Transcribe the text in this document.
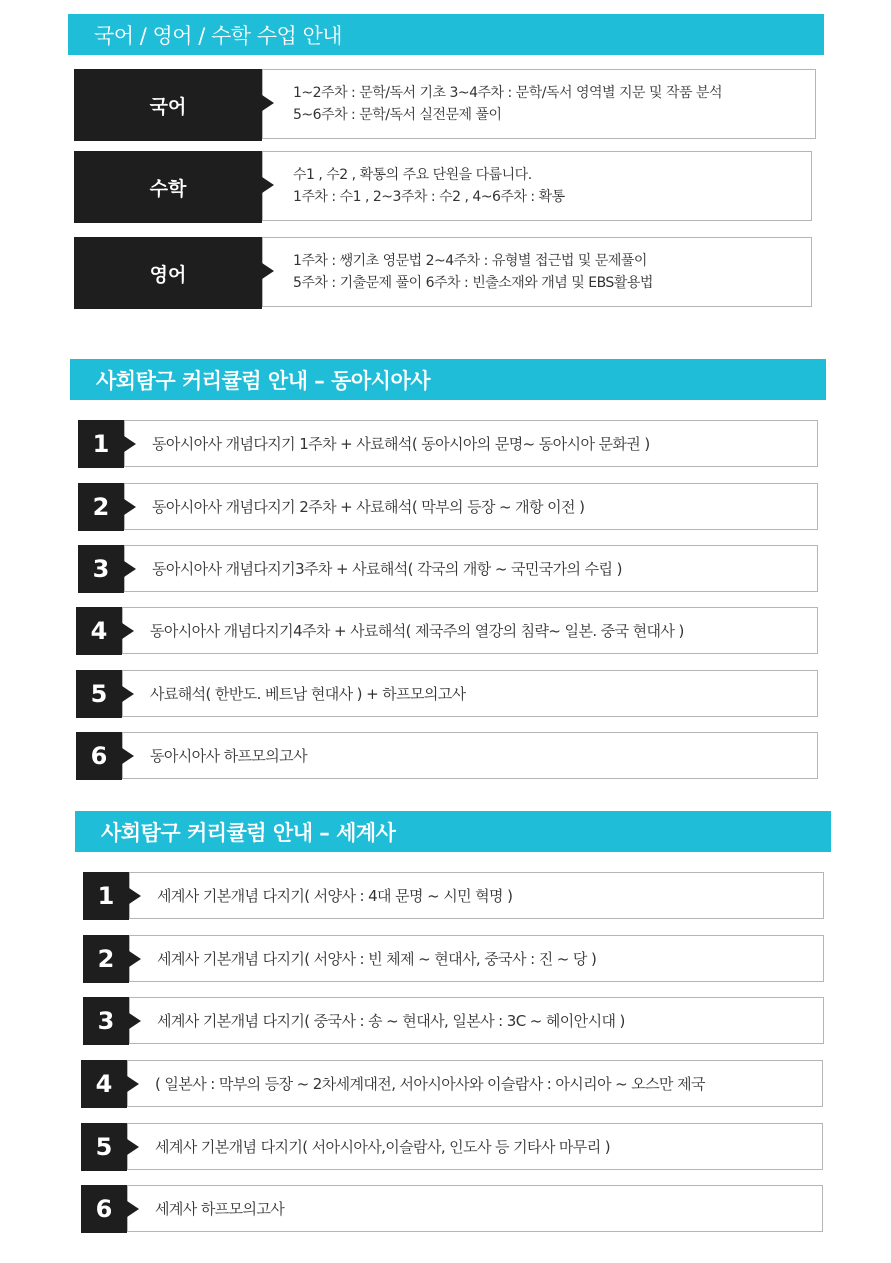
국어 / 영어 / 수학 수업 안내
국어
1~2주차 : 문학/독서 기초 3~4주차 : 문학/독서 영역별 지문 및 작품 분석
5~6주차 : 문학/독서 실전문제 풀이
수학
수1 , 수2 , 확통의 주요 단원을 다룹니다.
1주차 : 수1 , 2~3주차 : 수2 , 4~6주차 : 확통
영어
1주차 : 쌩기초 영문법 2~4주차 : 유형별 접근법 및 문제풀이
5주차 : 기출문제 풀이 6주차 : 빈출소재와 개념 및 EBS활용법
사회탐구 커리큘럼 안내 – 동아시아사
1	동아시아사 개념다지기 1주차 + 사료해석( 동아시아의 문명~ 동아시아 문화권 )
2	동아시아사 개념다지기 2주차 + 사료해석( 막부의 등장 ~ 개항 이전 )
3	동아시아사 개념다지기3주차 + 사료해석( 각국의 개항 ~ 국민국가의 수립 )
4	동아시아사 개념다지기4주차 + 사료해석( 제국주의 열강의 침략~ 일본. 중국 현대사 )
5	사료해석( 한반도. 베트남 현대사 ) + 하프모의고사
6	동아시아사 하프모의고사
사회탐구 커리큘럼 안내 – 세계사
1	세계사 기본개념 다지기( 서양사 : 4대 문명 ~ 시민 혁명 )
2	세계사 기본개념 다지기( 서양사 : 빈 체제 ~ 현대사, 중국사 : 진 ~ 당 )
3	세계사 기본개념 다지기( 중국사 : 송 ~ 현대사, 일본사 : 3C ~ 헤이안시대 )
4	( 일본사 : 막부의 등장 ~ 2차세계대전, 서아시아사와 이슬람사 : 아시리아 ~ 오스만 제국
5	세계사 기본개념 다지기( 서아시아사,이슬람사, 인도사 등 기타사 마무리 )
6	세계사 하프모의고사
